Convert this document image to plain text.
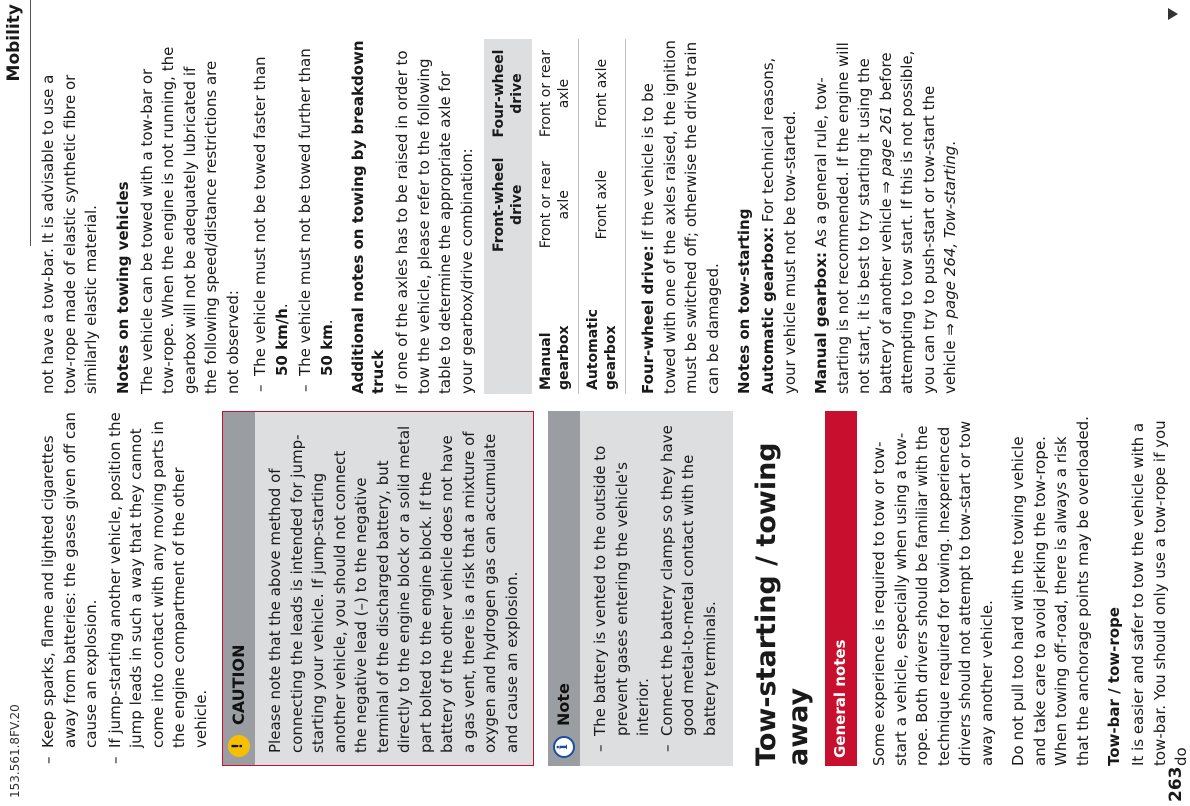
153.561.8FV.20
Mobility
– Keep sparks, flame and lighted cigarettes away from batteries: the gases given off can cause an explosion. – If jump-starting another vehicle, position the jump leads in such a way that they cannot come into contact with any moving parts in the engine compartment of the other vehicle. !
CAUTION	Please note that the above method of connecting the leads is intended for jump-starting your vehicle. If jump-starting another vehicle, you should not connect the negative lead (–) to the negative terminal of the discharged battery, but directly to the engine block or a solid metal part bolted to the engine block. If the battery of the other vehicle does not have a gas vent, there is a risk that a mixture of oxygen and hydrogen gas can accumulate and cause an explosion.	i
Note – The battery is vented to the outside to prevent gases entering the vehicle's interior. – Connect the battery clamps so they have good metal-to-metal contact with the battery terminals. Tow-starting / towing away	General notes	Some experience is required to tow or tow-start a vehicle, especially when using a tow-rope. Both drivers should be familiar with the technique required for towing. Inexperienced drivers should not attempt to tow-start or tow away another vehicle. Do not pull too hard with the towing vehicle and take care to avoid jerking the tow-rope. When towing off-road, there is always a risk that the anchorage points may be overloaded. Tow-bar / tow-rope It is easier and safer to tow the vehicle with a tow-bar. You should only use a tow-rope if you do

not have a tow-bar. It is advisable to use a tow-rope made of elastic synthetic fibre or similarly elastic material. Notes on towing vehicles The vehicle can be towed with a tow-bar or tow-rope. When the engine is not running, the gearbox will not be adequately lubricated if the following speed/distance restrictions are not observed: – The vehicle must not be towed faster than 50 km/h. – The vehicle must not be towed further than 50 km. Additional notes on towing by breakdown truck If one of the axles has to be raised in order to tow the vehicle, please refer to the following table to determine the appropriate axle for your gearbox/drive combination:

	Front-wheel drive	Four-wheel drive
Manual gearbox	Front or rear axle	Front or rear axle
Automatic gearbox	Front axle	Front axle

Four-wheel drive: If the vehicle is to be towed with one of the axles raised, the ignition must be switched off; otherwise the drive train can be damaged. Notes on tow-starting Automatic gearbox: For technical reasons, your vehicle must not be tow-started. Manual gearbox: As a general rule, tow-starting is not recommended. If the engine will not start, it is best to try starting it using the battery of another vehicle ⇒ page 261 before attempting to tow start. If this is not possible, you can try to push-start or tow-start the vehicle ⇒ page 264, Tow-starting.

263
